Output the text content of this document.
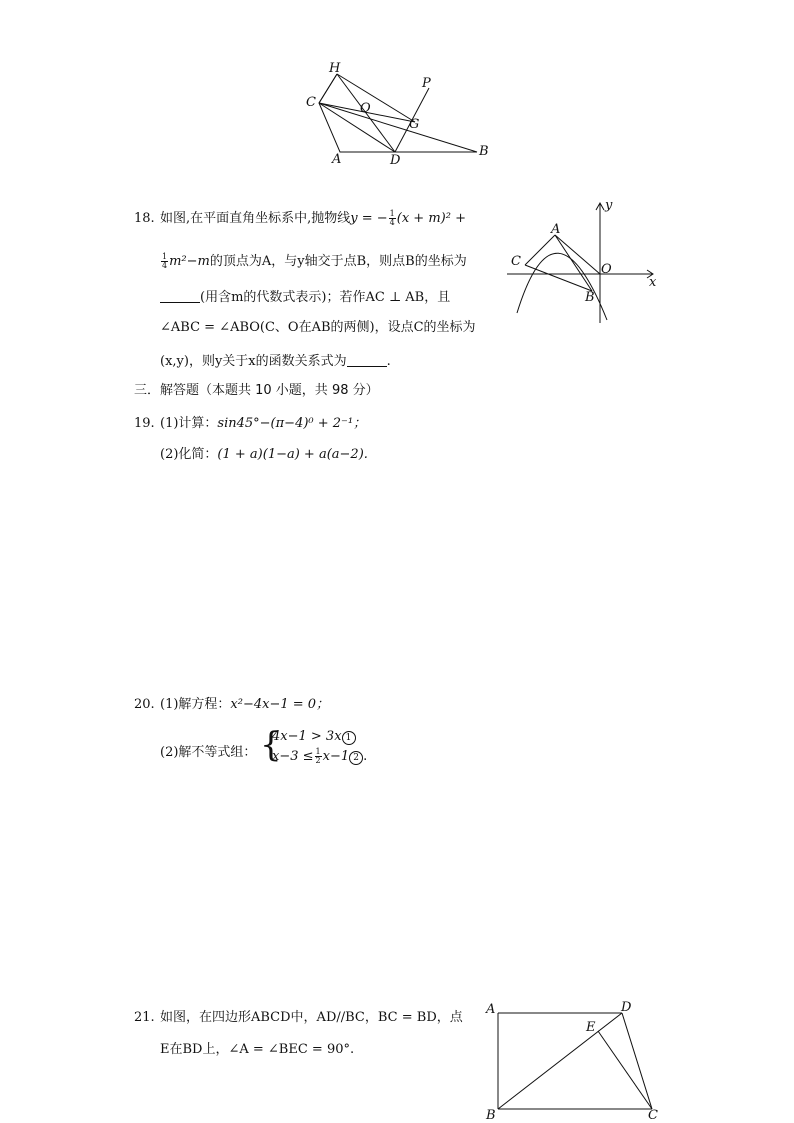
H
C	O
P
G
A	D
B
18. 如图,在平面直角坐标系中,抛物线y = − $\frac{1}{4} (x + m)^2$ +
$\frac{1}{4} m^2-m$的顶点为A，与y轴交于点B，则点B的坐标为
(用含m的代数式表示)；若作AC ⊥ AB，且
∠ABC = ∠ABO(C、O在AB的两侧)，设点C的坐标为
(x,y)，则y关于x的函数关系式为	.
y
A
C
O
x
B
三．解答题（本题共 10 小题，共 98 分）
19. (1)计算：sin45°−(π−4)⁰ + 2⁻¹；
(2)化简：(1 + a)(1−a) + a(a−2).
20. (1)解方程：x²−4x−1 = 0；
(2)解不等式组： {
4x−1 > 3x 1
$x-3 \le \frac{1}{2} x-1$ 2 .
21. 如图，在四边形ABCD中，AD//BC，BC = BD，点
E在BD上，∠A = ∠BEC = 90°.
A	D
E
B	C
